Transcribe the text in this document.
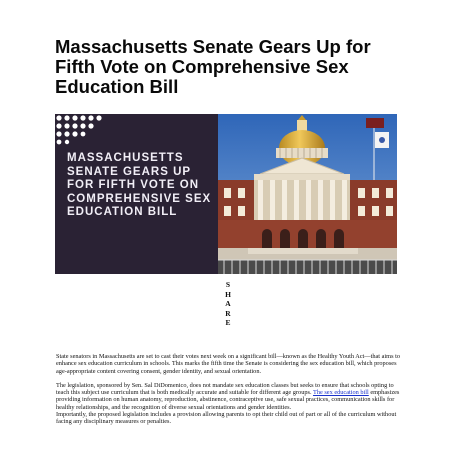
Massachusetts Senate Gears Up for Fifth Vote on Comprehensive Sex Education Bill
MASSACHUSETTS SENATE GEARS UP FOR FIFTH VOTE ON COMPREHENSIVE SEX EDUCATION BILL
S
H
A
R
E

State senators in Massachusetts are set to cast their votes next week on a significant bill—known as the Healthy Youth Act—that aims to enhance sex education curriculum in schools. This marks the fifth time the Senate is considering the sex education bill, which proposes age-appropriate content covering consent, gender identity, and sexual orientation.

The legislation, sponsored by Sen. Sal DiDomenico, does not mandate sex education classes but seeks to ensure that schools opting to teach this subject use curriculum that is both medically accurate and suitable for different age groups. The sex education bill emphasizes providing information on human anatomy, reproduction, abstinence, contraceptive use, safe sexual practices, communication skills for healthy relationships, and the recognition of diverse sexual orientations and gender identities.

Importantly, the proposed legislation includes a provision allowing parents to opt their child out of part or all of the curriculum without facing any disciplinary measures or penalties.
